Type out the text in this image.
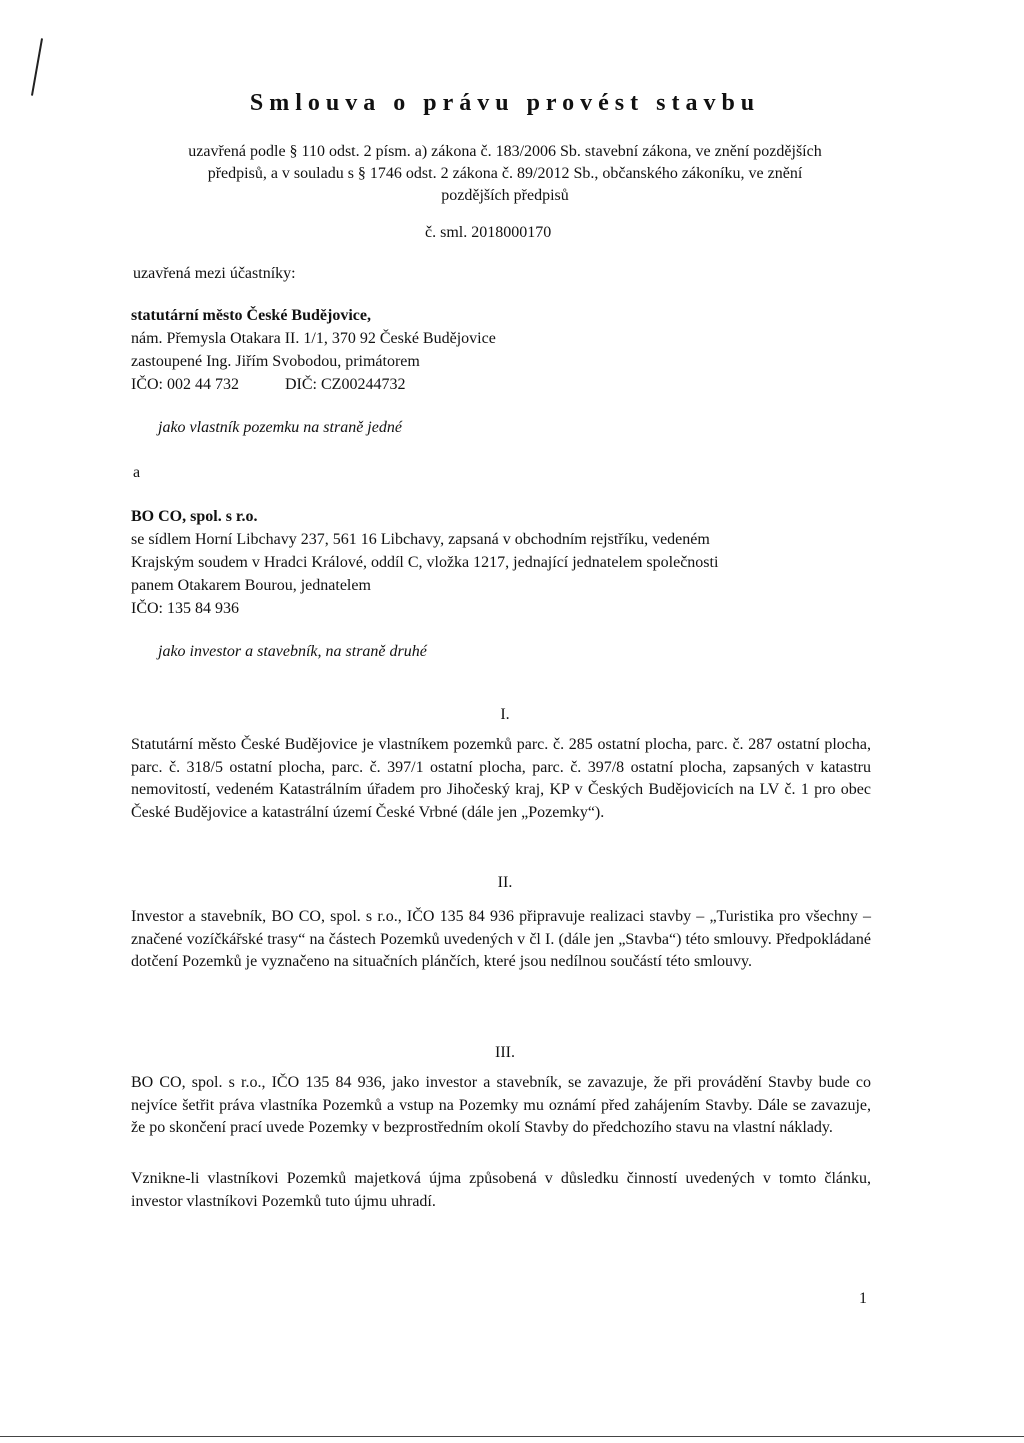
Smlouva o právu provést stavbu
uzavřená podle § 110 odst. 2 písm. a) zákona č. 183/2006 Sb. stavební zákona, ve znění pozdějších
předpisů, a v souladu s § 1746 odst. 2 zákona č. 89/2012 Sb., občanského zákoníku, ve znění
pozdějších předpisů
č. sml. 2018000170
uzavřená mezi účastníky:
statutární město České Budějovice,
nám. Přemysla Otakara II. 1/1, 370 92 České Budějovice
zastoupené Ing. Jiřím Svobodou, primátorem
IČO: 002 44 732	DIČ: CZ00244732
jako vlastník pozemku na straně jedné
a
BO CO, spol. s r.o.
se sídlem Horní Libchavy 237, 561 16 Libchavy, zapsaná v obchodním rejstříku, vedeném
Krajským soudem v Hradci Králové, oddíl C, vložka 1217, jednající jednatelem společnosti
panem Otakarem Bourou, jednatelem
IČO: 135 84 936
jako investor a stavebník, na straně druhé
I.
Statutární město České Budějovice je vlastníkem pozemků parc. č. 285 ostatní plocha, parc. č. 287 ostatní plocha, parc. č. 318/5 ostatní plocha, parc. č. 397/1 ostatní plocha, parc. č. 397/8 ostatní plocha, zapsaných v katastru nemovitostí, vedeném Katastrálním úřadem pro Jihočeský kraj, KP v Českých Budějovicích na LV č. 1 pro obec České Budějovice a katastrální území České Vrbné (dále jen „Pozemky“).
II.
Investor a stavebník, BO CO, spol. s r.o., IČO 135 84 936 připravuje realizaci stavby – „Turistika pro všechny – značené vozíčkářské trasy“ na částech Pozemků uvedených v čl I. (dále jen „Stavba“) této smlouvy. Předpokládané dotčení Pozemků je vyznačeno na situačních plánčích, které jsou nedílnou součástí této smlouvy.
III.
BO CO, spol. s r.o., IČO 135 84 936, jako investor a stavebník, se zavazuje, že při provádění Stavby bude co nejvíce šetřit práva vlastníka Pozemků a vstup na Pozemky mu oznámí před zahájením Stavby. Dále se zavazuje, že po skončení prací uvede Pozemky v bezprostředním okolí Stavby do předchozího stavu na vlastní náklady.
Vznikne-li vlastníkovi Pozemků majetková újma způsobená v důsledku činností uvedených v tomto článku, investor vlastníkovi Pozemků tuto újmu uhradí.
1
